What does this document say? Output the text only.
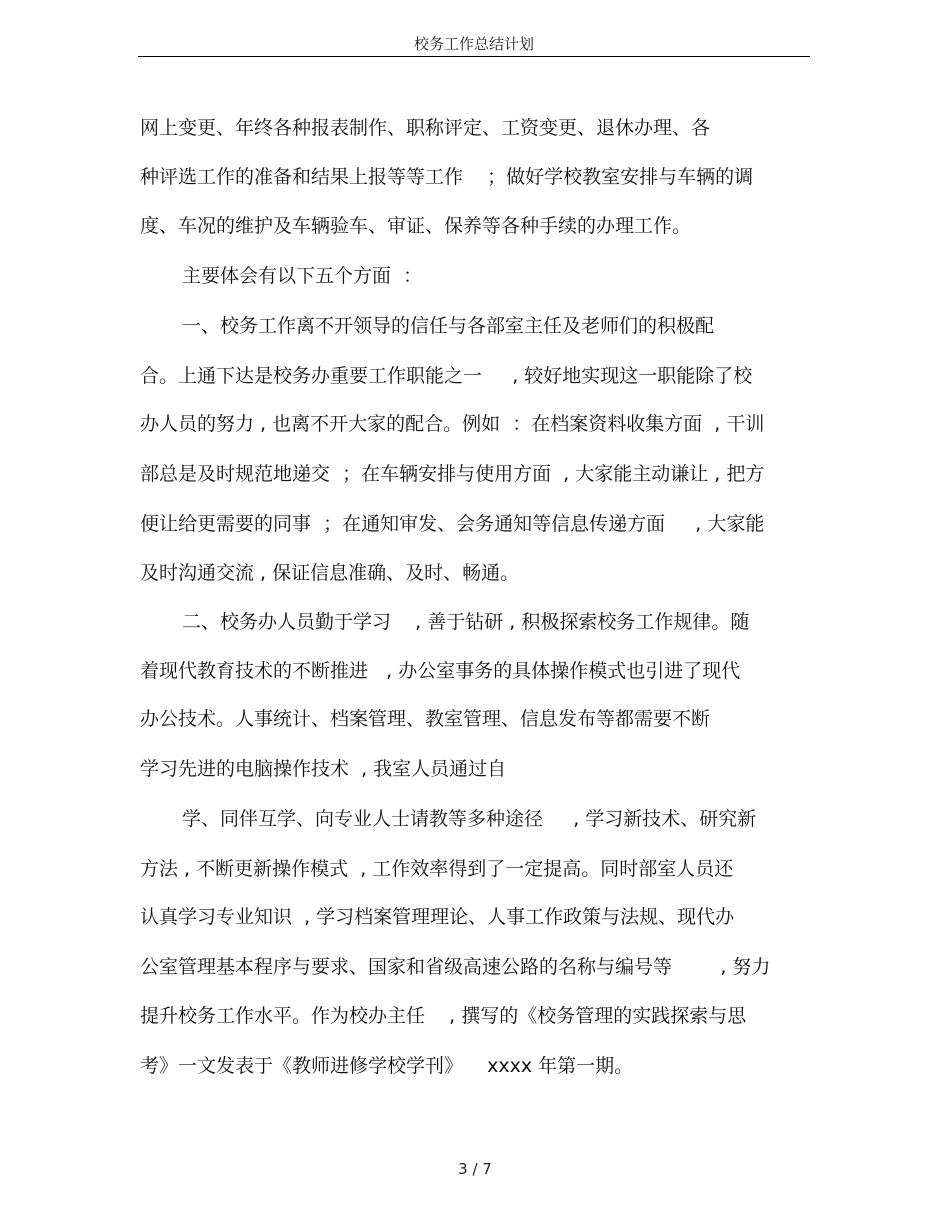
校务工作总结计划
网上变更、年终各种报表制作、职称评定、工资变更、退休办理、各
种评选工作的准备和结果上报等等工作    ；做好学校教室安排与车辆的调
度、车况的维护及车辆验车、审证、保养等各种手续的办理工作。
主要体会有以下五个方面  ：
一、校务工作离不开领导的信任与各部室主任及老师们的积极配
合。上通下达是校务办重要工作职能之一     , 较好地实现这一职能除了校
办人员的努力 , 也离不开大家的配合。例如  ：在档案资料收集方面  , 干训
部总是及时规范地递交  ；在车辆安排与使用方面  , 大家能主动谦让 , 把方
便让给更需要的同事  ；在通知审发、会务通知等信息传递方面     , 大家能
及时沟通交流 , 保证信息准确、及时、畅通。
二、校务办人员勤于学习    , 善于钻研 , 积极探索校务工作规律。随
着现代教育技术的不断推进   , 办公室事务的具体操作模式也引进了现代
办公技术。人事统计、档案管理、教室管理、信息发布等都需要不断
学习先进的电脑操作技术  , 我室人员通过自
学、同伴互学、向专业人士请教等多种途径     , 学习新技术、研究新
方法 , 不断更新操作模式  , 工作效率得到了一定提高。同时部室人员还
认真学习专业知识  , 学习档案管理理论、人事工作政策与法规、现代办
公室管理基本程序与要求、国家和省级高速公路的名称与编号等        , 努力
提升校务工作水平。作为校办主任    , 撰写的《校务管理的实践探索与思
考》一文发表于《教师进修学校学刊》    xxxx 年第一期。
3 / 7
